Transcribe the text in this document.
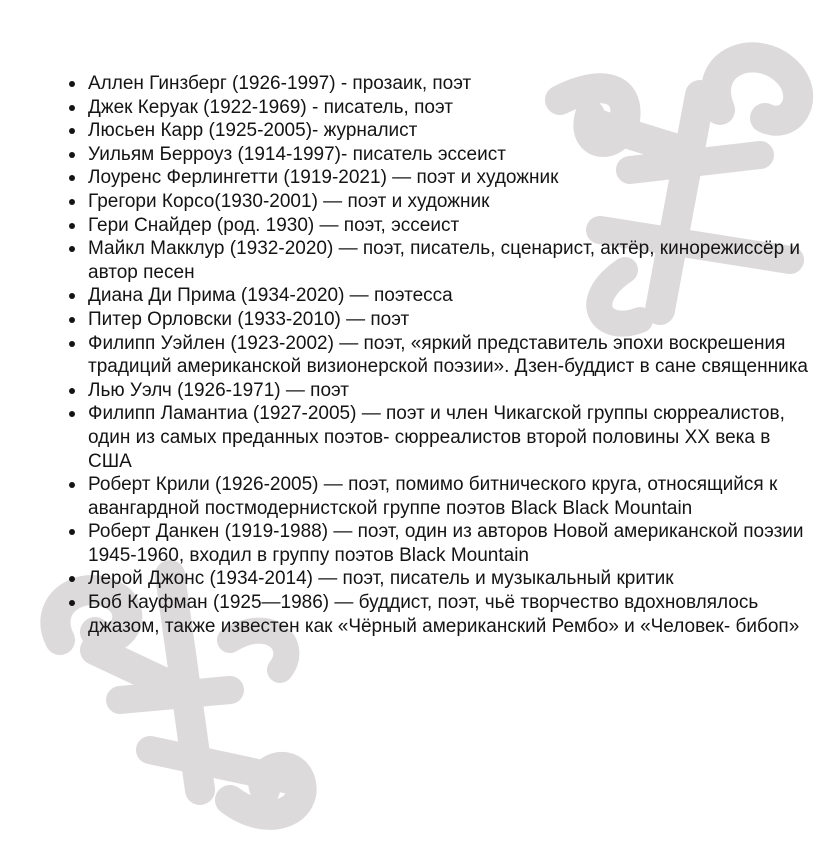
Аллен Гинзберг (1926-1997) - прозаик, поэт
Джек Керуак (1922-1969) - писатель, поэт
Люсьен Карр (1925-2005)- журналист
Уильям Берроуз (1914-1997)- писатель эссеист
Лоуренс Ферлингетти (1919-2021) — поэт и художник
Грегори Корсо(1930-2001) — поэт и художник
Гери Снайдер (род. 1930) — поэт, эссеист
Майкл Макклур (1932-2020) — поэт, писатель, сценарист, актёр, кинорежиссёр и автор песен
Диана Ди Прима (1934-2020) — поэтесса
Питер Орловски (1933-2010) — поэт
Филипп Уэйлен (1923-2002) — поэт, «яркий представитель эпохи воскрешения традиций американской визионерской поэзии». Дзен-буддист в сане священника
Лью Уэлч (1926-1971) — поэт
Филипп Ламантиа (1927-2005) — поэт и член Чикагской группы сюрреалистов, один из самых преданных поэтов- сюрреалистов второй половины XX века в США
Роберт Крили (1926-2005) — поэт, помимо битнического круга, относящийся к авангардной постмодернистской группе поэтов Black Black Mountain
Роберт Данкен (1919-1988) — поэт, один из авторов Новой американской поэзии 1945-1960, входил в группу поэтов Black Mountain
Лерой Джонс (1934-2014) — поэт, писатель и музыкальный критик
Боб Кауфман (1925—1986) — буддист, поэт, чьё творчество вдохновлялось джазом, также известен как «Чёрный американский Рембо» и «Человек- бибоп»
